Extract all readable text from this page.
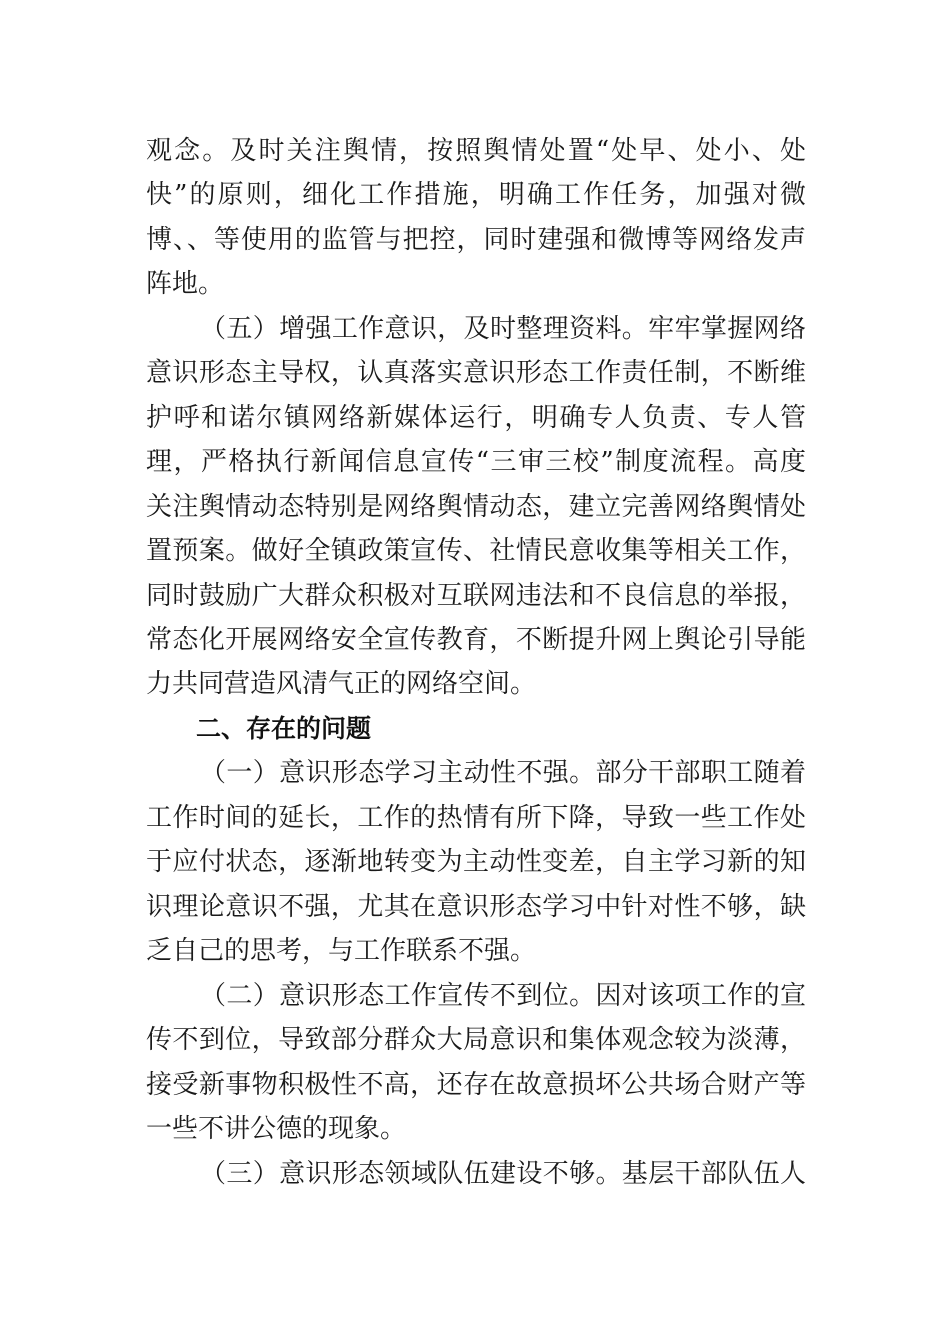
观念。及时关注舆情，按照舆情处置“处早、处小、处

快”的原则，细化工作措施，明确工作任务，加强对微

博、、等使用的监管与把控，同时建强和微博等网络发声

阵地。

（五）增强工作意识，及时整理资料。牢牢掌握网络

意识形态主导权，认真落实意识形态工作责任制，不断维

护呼和诺尔镇网络新媒体运行，明确专人负责、专人管

理，严格执行新闻信息宣传“三审三校”制度流程。高度

关注舆情动态特别是网络舆情动态，建立完善网络舆情处

置预案。做好全镇政策宣传、社情民意收集等相关工作，

同时鼓励广大群众积极对互联网违法和不良信息的举报，

常态化开展网络安全宣传教育，不断提升网上舆论引导能

力共同营造风清气正的网络空间。

二、存在的问题

（一）意识形态学习主动性不强。部分干部职工随着

工作时间的延长，工作的热情有所下降，导致一些工作处

于应付状态，逐渐地转变为主动性变差，自主学习新的知

识理论意识不强，尤其在意识形态学习中针对性不够，缺

乏自己的思考，与工作联系不强。

（二）意识形态工作宣传不到位。因对该项工作的宣

传不到位，导致部分群众大局意识和集体观念较为淡薄，

接受新事物积极性不高，还存在故意损坏公共场合财产等

一些不讲公德的现象。

（三）意识形态领域队伍建设不够。基层干部队伍人
